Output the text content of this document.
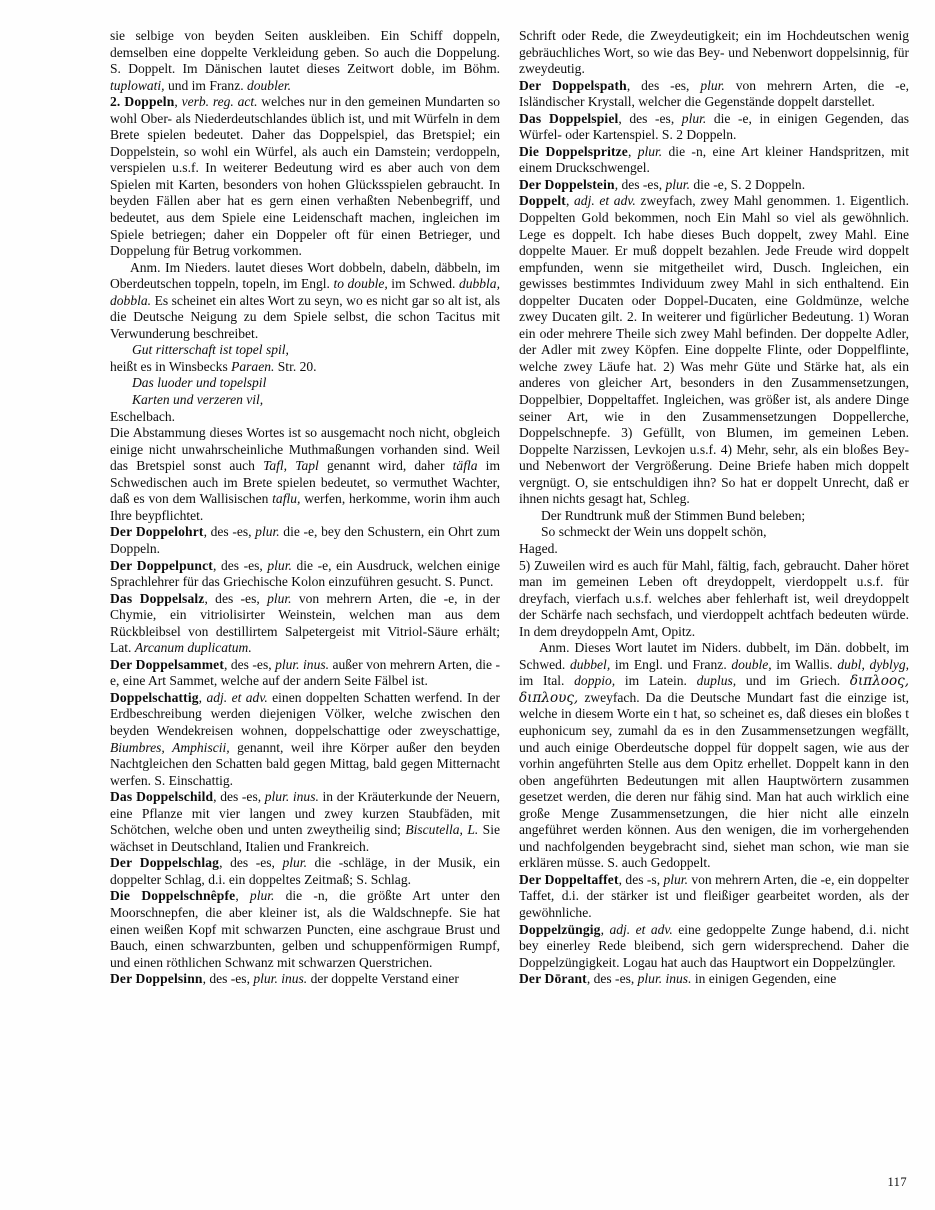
sie selbige von beyden Seiten auskleiben. Ein Schiff doppeln, demselben eine doppelte Verkleidung geben. So auch die Doppelung. S. Doppelt. Im Dänischen lautet dieses Zeitwort doble, im Böhm. tuplowati, und im Franz. doubler.

2. Doppeln, verb. reg. act. welches nur in den gemeinen Mundarten so wohl Ober- als Niederdeutschlandes üblich ist, und mit Würfeln in dem Brete spielen bedeutet. Daher das Doppelspiel, das Bretspiel; ein Doppelstein, so wohl ein Würfel, als auch ein Damstein; verdoppeln, verspielen u.s.f. In weiterer Bedeutung wird es aber auch von dem Spielen mit Karten, besonders von hohen Glücksspielen gebraucht. In beyden Fällen aber hat es gern einen verhaßten Nebenbegriff, und bedeutet, aus dem Spiele eine Leidenschaft machen, ingleichen im Spiele betriegen; daher ein Doppeler oft für einen Betrieger, und Doppelung für Betrug vorkommen.

Anm. Im Nieders. lautet dieses Wort dobbeln, dabeln, däbbeln, im Oberdeutschen toppeln, topeln, im Engl. to double, im Schwed. dubbla, dobbla. Es scheinet ein altes Wort zu seyn, wo es nicht gar so alt ist, als die Deutsche Neigung zu dem Spiele selbst, die schon Tacitus mit Verwunderung beschreibet.

Gut ritterschaft ist topel spil,

heißt es in Winsbecks Paraen. Str. 20.

Das luoder und topelspil
Karten und verzeren vil,

Eschelbach.

Die Abstammung dieses Wortes ist so ausgemacht noch nicht, obgleich einige nicht unwahrscheinliche Muthmaßungen vorhanden sind. Weil das Bretspiel sonst auch Tafl, Tapl genannt wird, daher täfla im Schwedischen auch im Brete spielen bedeutet, so vermuthet Wachter, daß es von dem Wallisischen taflu, werfen, herkomme, worin ihm auch Ihre beypflichtet.

Der Doppelohrt, des -es, plur. die -e, bey den Schustern, ein Ohrt zum Doppeln.

Der Doppelpunct, des -es, plur. die -e, ein Ausdruck, welchen einige Sprachlehrer für das Griechische Kolon einzuführen gesucht. S. Punct.

Das Doppelsalz, des -es, plur. von mehrern Arten, die -e, in der Chymie, ein vitriolisirter Weinstein, welchen man aus dem Rückbleibsel von destillirtem Salpetergeist mit Vitriol-Säure erhält; Lat. Arcanum duplicatum.

Der Doppelsammet, des -es, plur. inus. außer von mehrern Arten, die -e, eine Art Sammet, welche auf der andern Seite Fälbel ist.

Doppelschattig, adj. et adv. einen doppelten Schatten werfend. In der Erdbeschreibung werden diejenigen Völker, welche zwischen den beyden Wendekreisen wohnen, doppelschattige oder zweyschattige, Biumbres, Amphiscii, genannt, weil ihre Körper außer den beyden Nachtgleichen den Schatten bald gegen Mittag, bald gegen Mitternacht werfen. S. Einschattig.

Das Doppelschild, des -es, plur. inus. in der Kräuterkunde der Neuern, eine Pflanze mit vier langen und zwey kurzen Staubfäden, mit Schötchen, welche oben und unten zweytheilig sind; Biscutella, L. Sie wächset in Deutschland, Italien und Frankreich.

Der Doppelschlag, des -es, plur. die -schläge, in der Musik, ein doppelter Schlag, d.i. ein doppeltes Zeitmaß; S. Schlag.

Die Doppelschnêpfe, plur. die -n, die größte Art unter den Moorschnepfen, die aber kleiner ist, als die Waldschnepfe. Sie hat einen weißen Kopf mit schwarzen Puncten, eine aschgraue Brust und Bauch, einen schwarzbunten, gelben und schuppenförmigen Rumpf, und einen röthlichen Schwanz mit schwarzen Querstrichen.

Der Doppelsinn, des -es, plur. inus. der doppelte Verstand einer

Schrift oder Rede, die Zweydeutigkeit; ein im Hochdeutschen wenig gebräuchliches Wort, so wie das Bey- und Nebenwort doppelsinnig, für zweydeutig.

Der Doppelspath, des -es, plur. von mehrern Arten, die -e, Isländischer Krystall, welcher die Gegenstände doppelt darstellet.

Das Doppelspiel, des -es, plur. die -e, in einigen Gegenden, das Würfel- oder Kartenspiel. S. 2 Doppeln.

Die Doppelspritze, plur. die -n, eine Art kleiner Handspritzen, mit einem Druckschwengel.

Der Doppelstein, des -es, plur. die -e, S. 2 Doppeln.

Doppelt, adj. et adv. zweyfach, zwey Mahl genommen. 1. Eigentlich. Doppelten Gold bekommen, noch Ein Mahl so viel als gewöhnlich. Lege es doppelt. Ich habe dieses Buch doppelt, zwey Mahl. Eine doppelte Mauer. Er muß doppelt bezahlen. Jede Freude wird doppelt empfunden, wenn sie mitgetheilet wird, Dusch. Ingleichen, ein gewisses bestimmtes Individuum zwey Mahl in sich enthaltend. Ein doppelter Ducaten oder Doppel-Ducaten, eine Goldmünze, welche zwey Ducaten gilt. 2. In weiterer und figürlicher Bedeutung. 1) Woran ein oder mehrere Theile sich zwey Mahl befinden. Der doppelte Adler, der Adler mit zwey Köpfen. Eine doppelte Flinte, oder Doppelflinte, welche zwey Läufe hat. 2) Was mehr Güte und Stärke hat, als ein anderes von gleicher Art, besonders in den Zusammensetzungen, Doppelbier, Doppeltaffet. Ingleichen, was größer ist, als andere Dinge seiner Art, wie in den Zusammensetzungen Doppellerche, Doppelschnepfe. 3) Gefüllt, von Blumen, im gemeinen Leben. Doppelte Narzissen, Levkojen u.s.f. 4) Mehr, sehr, als ein bloßes Bey- und Nebenwort der Vergrößerung. Deine Briefe haben mich doppelt vergnügt. O, sie entschuldigen ihn? So hat er doppelt Unrecht, daß er ihnen nichts gesagt hat, Schleg.

Der Rundtrunk muß der Stimmen Bund beleben;
So schmeckt der Wein uns doppelt schön,

Haged.

5) Zuweilen wird es auch für Mahl, fältig, fach, gebraucht. Daher höret man im gemeinen Leben oft dreydoppelt, vierdoppelt u.s.f. für dreyfach, vierfach u.s.f. welches aber fehlerhaft ist, weil dreydoppelt der Schärfe nach sechsfach, und vierdoppelt achtfach bedeuten würde. In dem dreydoppeln Amt, Opitz.

Anm. Dieses Wort lautet im Niders. dubbelt, im Dän. dobbelt, im Schwed. dubbel, im Engl. und Franz. double, im Wallis. dubl, dyblyg, im Ital. doppio, im Latein. duplus, und im Griech. διπλοος, διπλους, zweyfach. Da die Deutsche Mundart fast die einzige ist, welche in diesem Worte ein t hat, so scheinet es, daß dieses ein bloßes t euphonicum sey, zumahl da es in den Zusammensetzungen wegfällt, und auch einige Oberdeutsche doppel für doppelt sagen, wie aus der vorhin angeführten Stelle aus dem Opitz erhellet. Doppelt kann in den oben angeführten Bedeutungen mit allen Hauptwörtern zusammen gesetzet werden, die deren nur fähig sind. Man hat auch wirklich eine große Menge Zusammensetzungen, die hier nicht alle einzeln angeführet werden können. Aus den wenigen, die im vorhergehenden und nachfolgenden beygebracht sind, siehet man schon, wie man sie erklären müsse. S. auch Gedoppelt.

Der Doppeltaffet, des -s, plur. von mehrern Arten, die -e, ein doppelter Taffet, d.i. der stärker ist und fleißiger gearbeitet worden, als der gewöhnliche.

Doppelzüngig, adj. et adv. eine gedoppelte Zunge habend, d.i. nicht bey einerley Rede bleibend, sich gern widersprechend. Daher die Doppelzüngigkeit. Logau hat auch das Hauptwort ein Doppelzüngler.

Der Dōrant, des -es, plur. inus. in einigen Gegenden, eine

117
